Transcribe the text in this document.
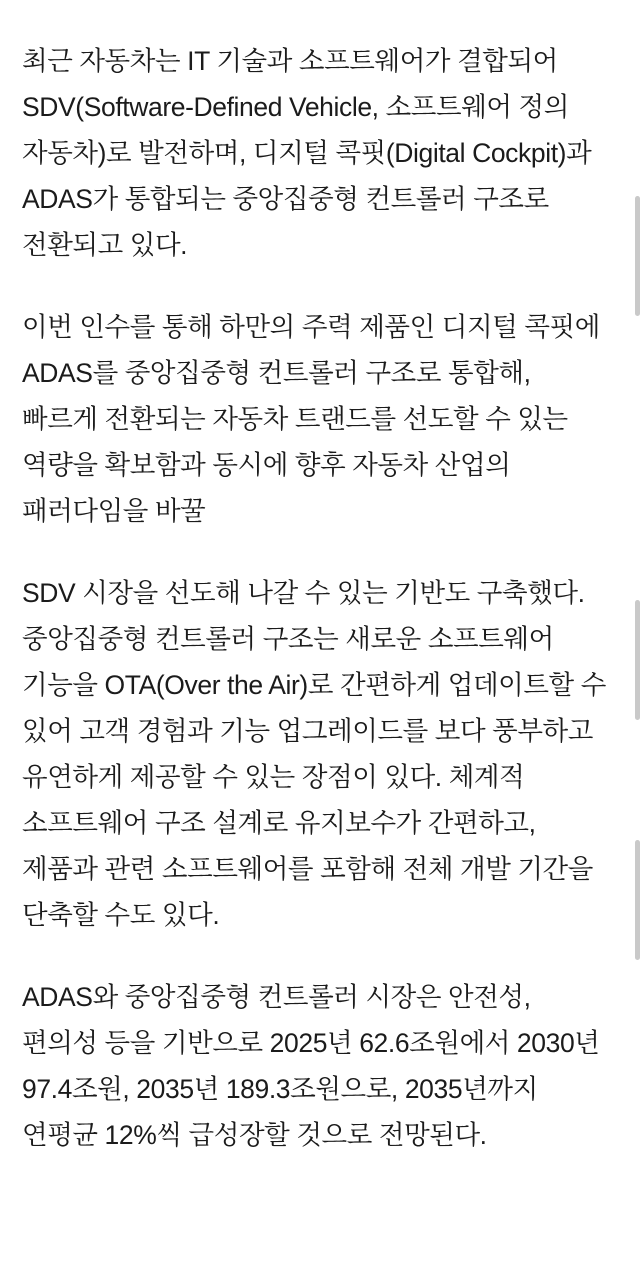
최근 자동차는 IT 기술과 소프트웨어가 결합되어 SDV(Software-Defined Vehicle, 소프트웨어 정의 자동차)로 발전하며, 디지털 콕핏(Digital Cockpit)과 ADAS가 통합되는 중앙집중형 컨트롤러 구조로 전환되고 있다.

이번 인수를 통해 하만의 주력 제품인 디지털 콕핏에 ADAS를 중앙집중형 컨트롤러 구조로 통합해, 빠르게 전환되는 자동차 트랜드를 선도할 수 있는 역량을 확보함과 동시에 향후 자동차 산업의 패러다임을 바꿀

SDV 시장을 선도해 나갈 수 있는 기반도 구축했다. 중앙집중형 컨트롤러 구조는 새로운 소프트웨어 기능을 OTA(Over the Air)로 간편하게 업데이트할 수 있어 고객 경험과 기능 업그레이드를 보다 풍부하고 유연하게 제공할 수 있는 장점이 있다. 체계적 소프트웨어 구조 설계로 유지보수가 간편하고, 제품과 관련 소프트웨어를 포함해 전체 개발 기간을 단축할 수도 있다.

ADAS와 중앙집중형 컨트롤러 시장은 안전성, 편의성 등을 기반으로 2025년 62.6조원에서 2030년 97.4조원, 2035년 189.3조원으로, 2035년까지 연평균 12%씩 급성장할 것으로 전망된다.
